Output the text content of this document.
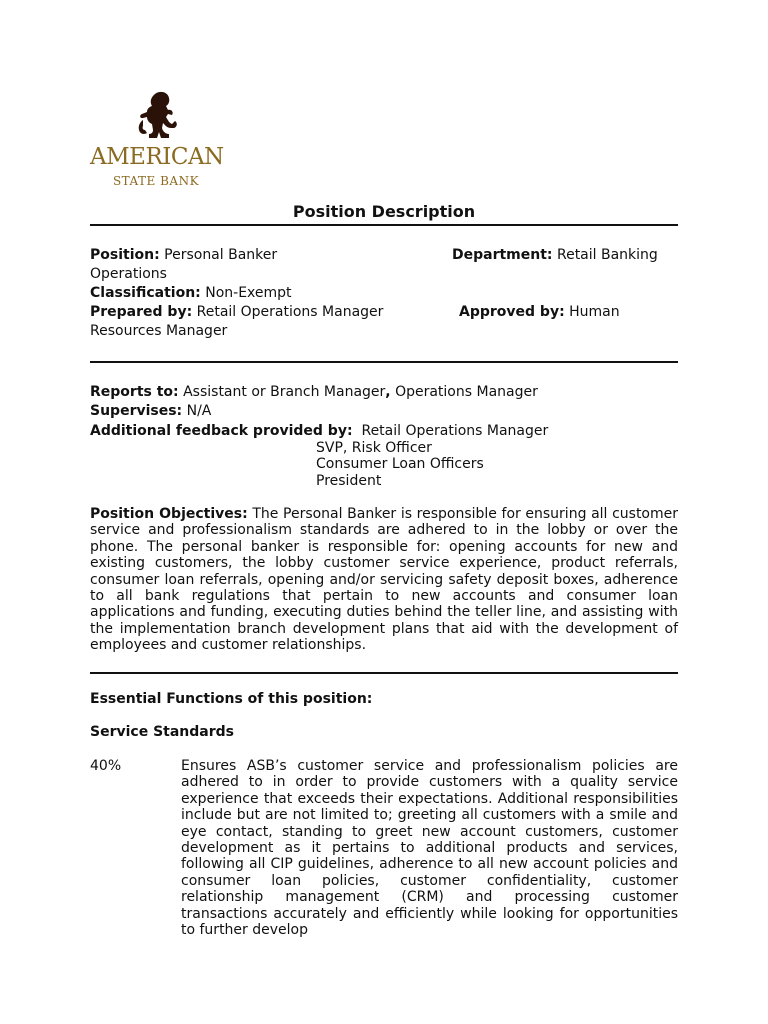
AMERICAN
STATE BANK
Position Description
Position: Personal Banker	Department: Retail Banking
Operations
Classification: Non-Exempt
Prepared by: Retail Operations Manager	Approved by: Human
Resources Manager
Reports to: Assistant or Branch Manager, Operations Manager
Supervises: N/A
Additional feedback provided by: Retail Operations Manager
SVP, Risk Officer
Consumer Loan Officers
President
Position Objectives: The Personal Banker is responsible for ensuring all customer service and professionalism standards are adhered to in the lobby or over the phone. The personal banker is responsible for: opening accounts for new and existing customers, the lobby customer service experience, product referrals, consumer loan referrals, opening and/or servicing safety deposit boxes, adherence to all bank regulations that pertain to new accounts and consumer loan applications and funding, executing duties behind the teller line, and assisting with the implementation branch development plans that aid with the development of employees and customer relationships.
Essential Functions of this position:
Service Standards
40%	Ensures ASB’s customer service and professionalism policies are adhered to in order to provide customers with a quality service experience that exceeds their expectations. Additional responsibilities include but are not limited to; greeting all customers with a smile and eye contact, standing to greet new account customers, customer development as it pertains to additional products and services, following all CIP guidelines, adherence to all new account policies and consumer loan policies, customer confidentiality, customer relationship management (CRM) and processing customer transactions accurately and efficiently while looking for opportunities to further develop
